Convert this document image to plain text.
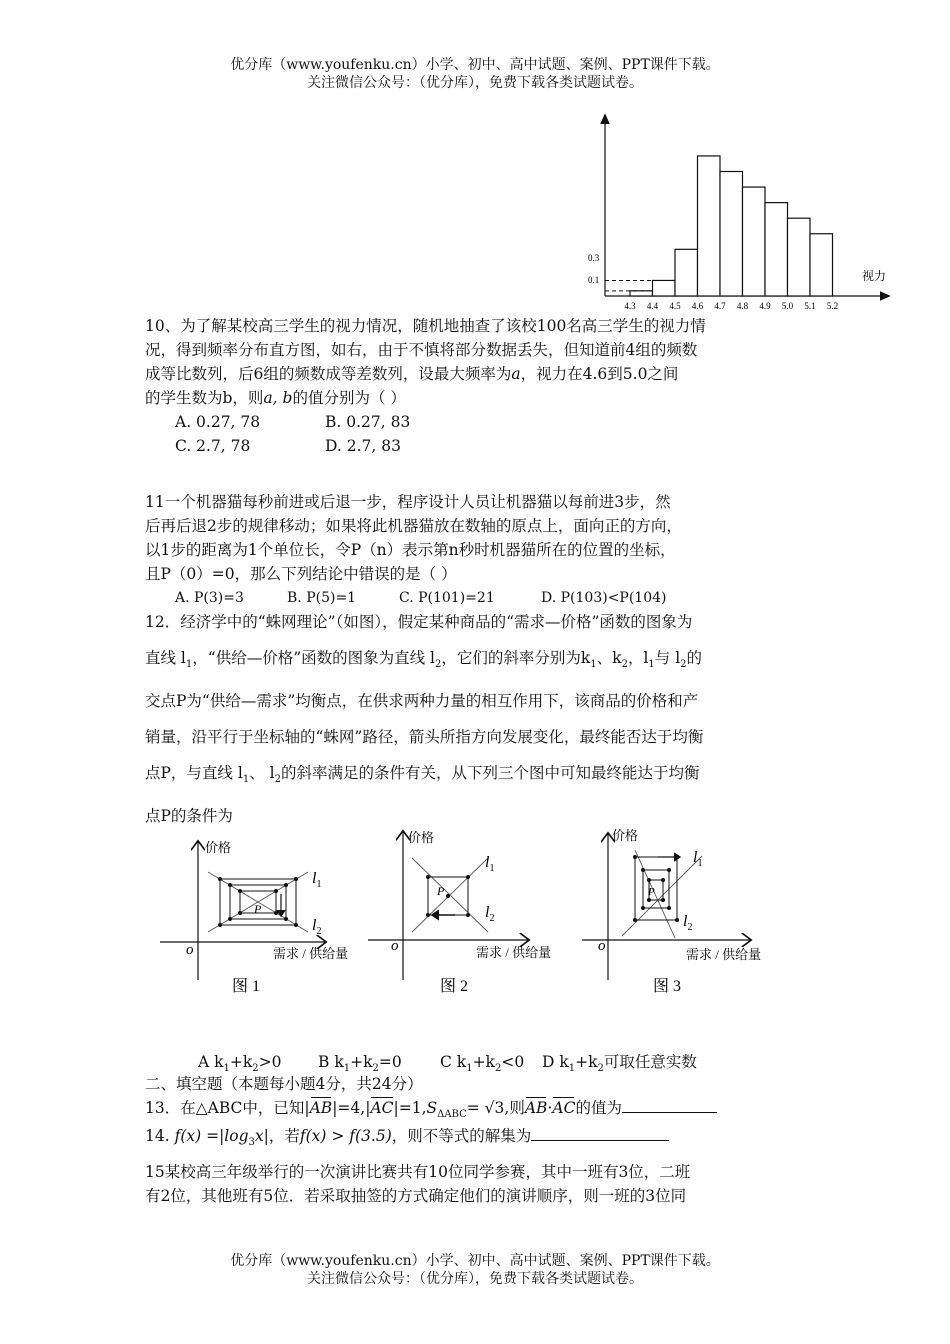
优分库（www.youfenku.cn）小学、初中、高中试题、案例、PPT课件下载。
关注微信公众号：（优分库），免费下载各类试题试卷。
4.3 4.4 4.5 4.6 4.7 4.8 4.9 5.0 5.1 5.2
0.3
0.1	视力
10、为了解某校高三学生的视力情况，随机地抽查了该校100名高三学生的视力情
况，得到频率分布直方图，如右，由于不慎将部分数据丢失，但知道前4组的频数
成等比数列，后6组的频数成等差数列，设最大频率为a，视力在4.6到5.0之间
的学生数为b，则a, b的值分别为（ ）
A. 0.27, 78	B. 0.27, 83
C. 2.7, 78	D. 2.7, 83
11一个机器猫每秒前进或后退一步，程序设计人员让机器猫以每前进3步，然
后再后退2步的规律移动；如果将此机器猫放在数轴的原点上，面向正的方向，
以1步的距离为1个单位长，令P（n）表示第n秒时机器猫所在的位置的坐标，
且P（0）=0，那么下列结论中错误的是（ ）
A. P(3)=3	B. P(5)=1	C. P(101)=21	D. P(103)<P(104)
12．经济学中的“蛛网理论”（如图），假定某种商品的“需求—价格”函数的图象为
直线 $l_1$，“供给—价格”函数的图象为直线 $l_2$，它们的斜率分别为$k_1$、$k_2$，$l_1$与 $l_2$的
交点P为“供给—需求”均衡点，在供求两种力量的相互作用下，该商品的价格和产
销量，沿平行于坐标轴的“蛛网”路径，箭头所指方向发展变化，最终能否达于均衡
点P，与直线 $l_1$、 $l_2$的斜率满足的条件有关，从下列三个图中可知最终能达于均衡
点P的条件为
价格
o	需求 / 供给量
P
$l_1$
$l_2$
图 1
价格
o	需求 / 供给量
P
$l_1$
$l_2$
图 2
价格
o
需求 / 供给量
P
$l_1$
$l_2$
图 3
A $k_1+k_2>0$ B $k_1+k_2=0$ C $k_1+k_2<0$ D $k_1+k_2$可取任意实数
二、填空题（本题每小题4分，共24分）
13．在△ABC中，已知$|AB|=4,|AC|=1,S_{\Delta ABC}= √3$,则AB·AC的值为
14. $f(x) =|\log_3x|$，若f(x) > f(3.5)，则不等式的解集为
15某校高三年级举行的一次演讲比赛共有10位同学参赛，其中一班有3位，二班
有2位，其他班有5位．若采取抽签的方式确定他们的演讲顺序，则一班的3位同
优分库（www.youfenku.cn）小学、初中、高中试题、案例、PPT课件下载。
关注微信公众号：（优分库），免费下载各类试题试卷。
